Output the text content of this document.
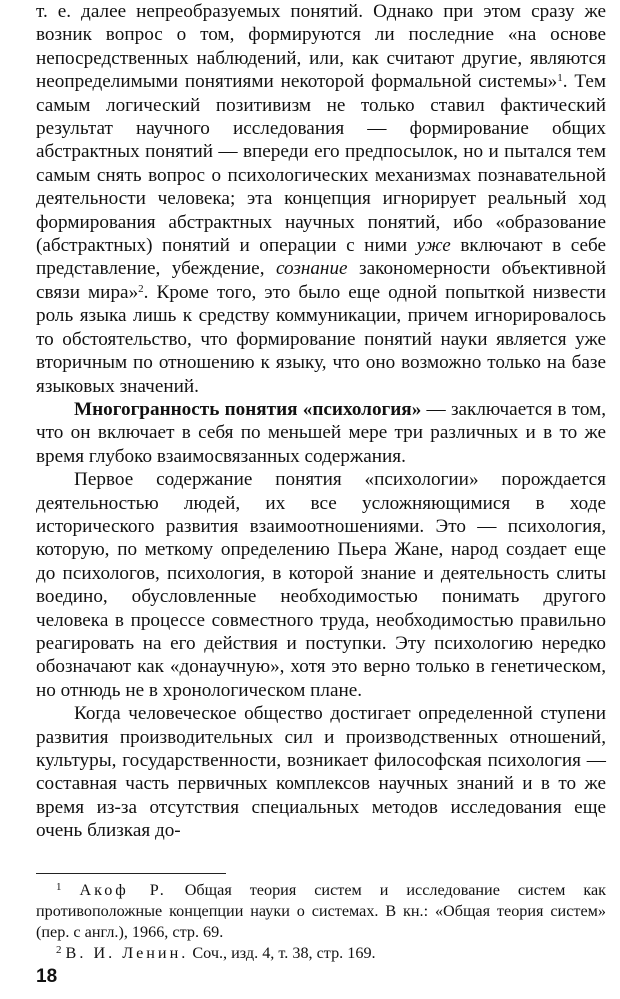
т. е. далее непреобразуемых понятий. Однако при этом сразу же возник вопрос о том, формируются ли последние «на основе непосредственных наблюдений, или, как считают другие, являются неопределимыми понятиями некоторой формальной системы»$^1$. Тем самым логический позитивизм не только ставил фактический результат научного исследования — формирование общих абстрактных понятий — впереди его предпосылок, но и пытался тем самым снять вопрос о психологических механизмах познавательной деятельности человека; эта концепция игнорирует реальный ход формирования абстрактных научных понятий, ибо «образование (абстрактных) понятий и операции с ними уже включают в себе представление, убеждение, сознание закономерности объективной связи мира»$^2$. Кроме того, это было еще одной попыткой низвести роль языка лишь к средству коммуникации, причем игнорировалось то обстоятельство, что формирование понятий науки является уже вторичным по отношению к языку, что оно возможно только на базе языковых значений.

Многогранность понятия «психология» — заключается в том, что он включает в себя по меньшей мере три различных и в то же время глубоко взаимосвязанных содержания.

Первое содержание понятия «психологии» порождается деятельностью людей, их все усложняющимися в ходе исторического развития взаимоотношениями. Это — психология, которую, по меткому определению Пьера Жане, народ создает еще до психологов, психология, в которой знание и деятельность слиты воедино, обусловленные необходимостью понимать другого человека в процессе совместного труда, необходимостью правильно реагировать на его действия и поступки. Эту психологию нередко обозначают как «донаучную», хотя это верно только в генетическом, но отнюдь не в хронологическом плане.

Когда человеческое общество достигает определенной ступени развития производительных сил и производственных отношений, культуры, государственности, возникает философская психология — составная часть первичных комплексов научных знаний и в то же время из-за отсутствия специальных методов исследования еще очень близкая до-

$^1$ Акоф Р. Общая теория систем и исследование систем как противоположные концепции науки о системах. В кн.: «Общая теория систем» (пер. с англ.), 1966, стр. 69.

$^2$ В. И. Ленин. Соч., изд. 4, т. 38, стр. 169.

18
